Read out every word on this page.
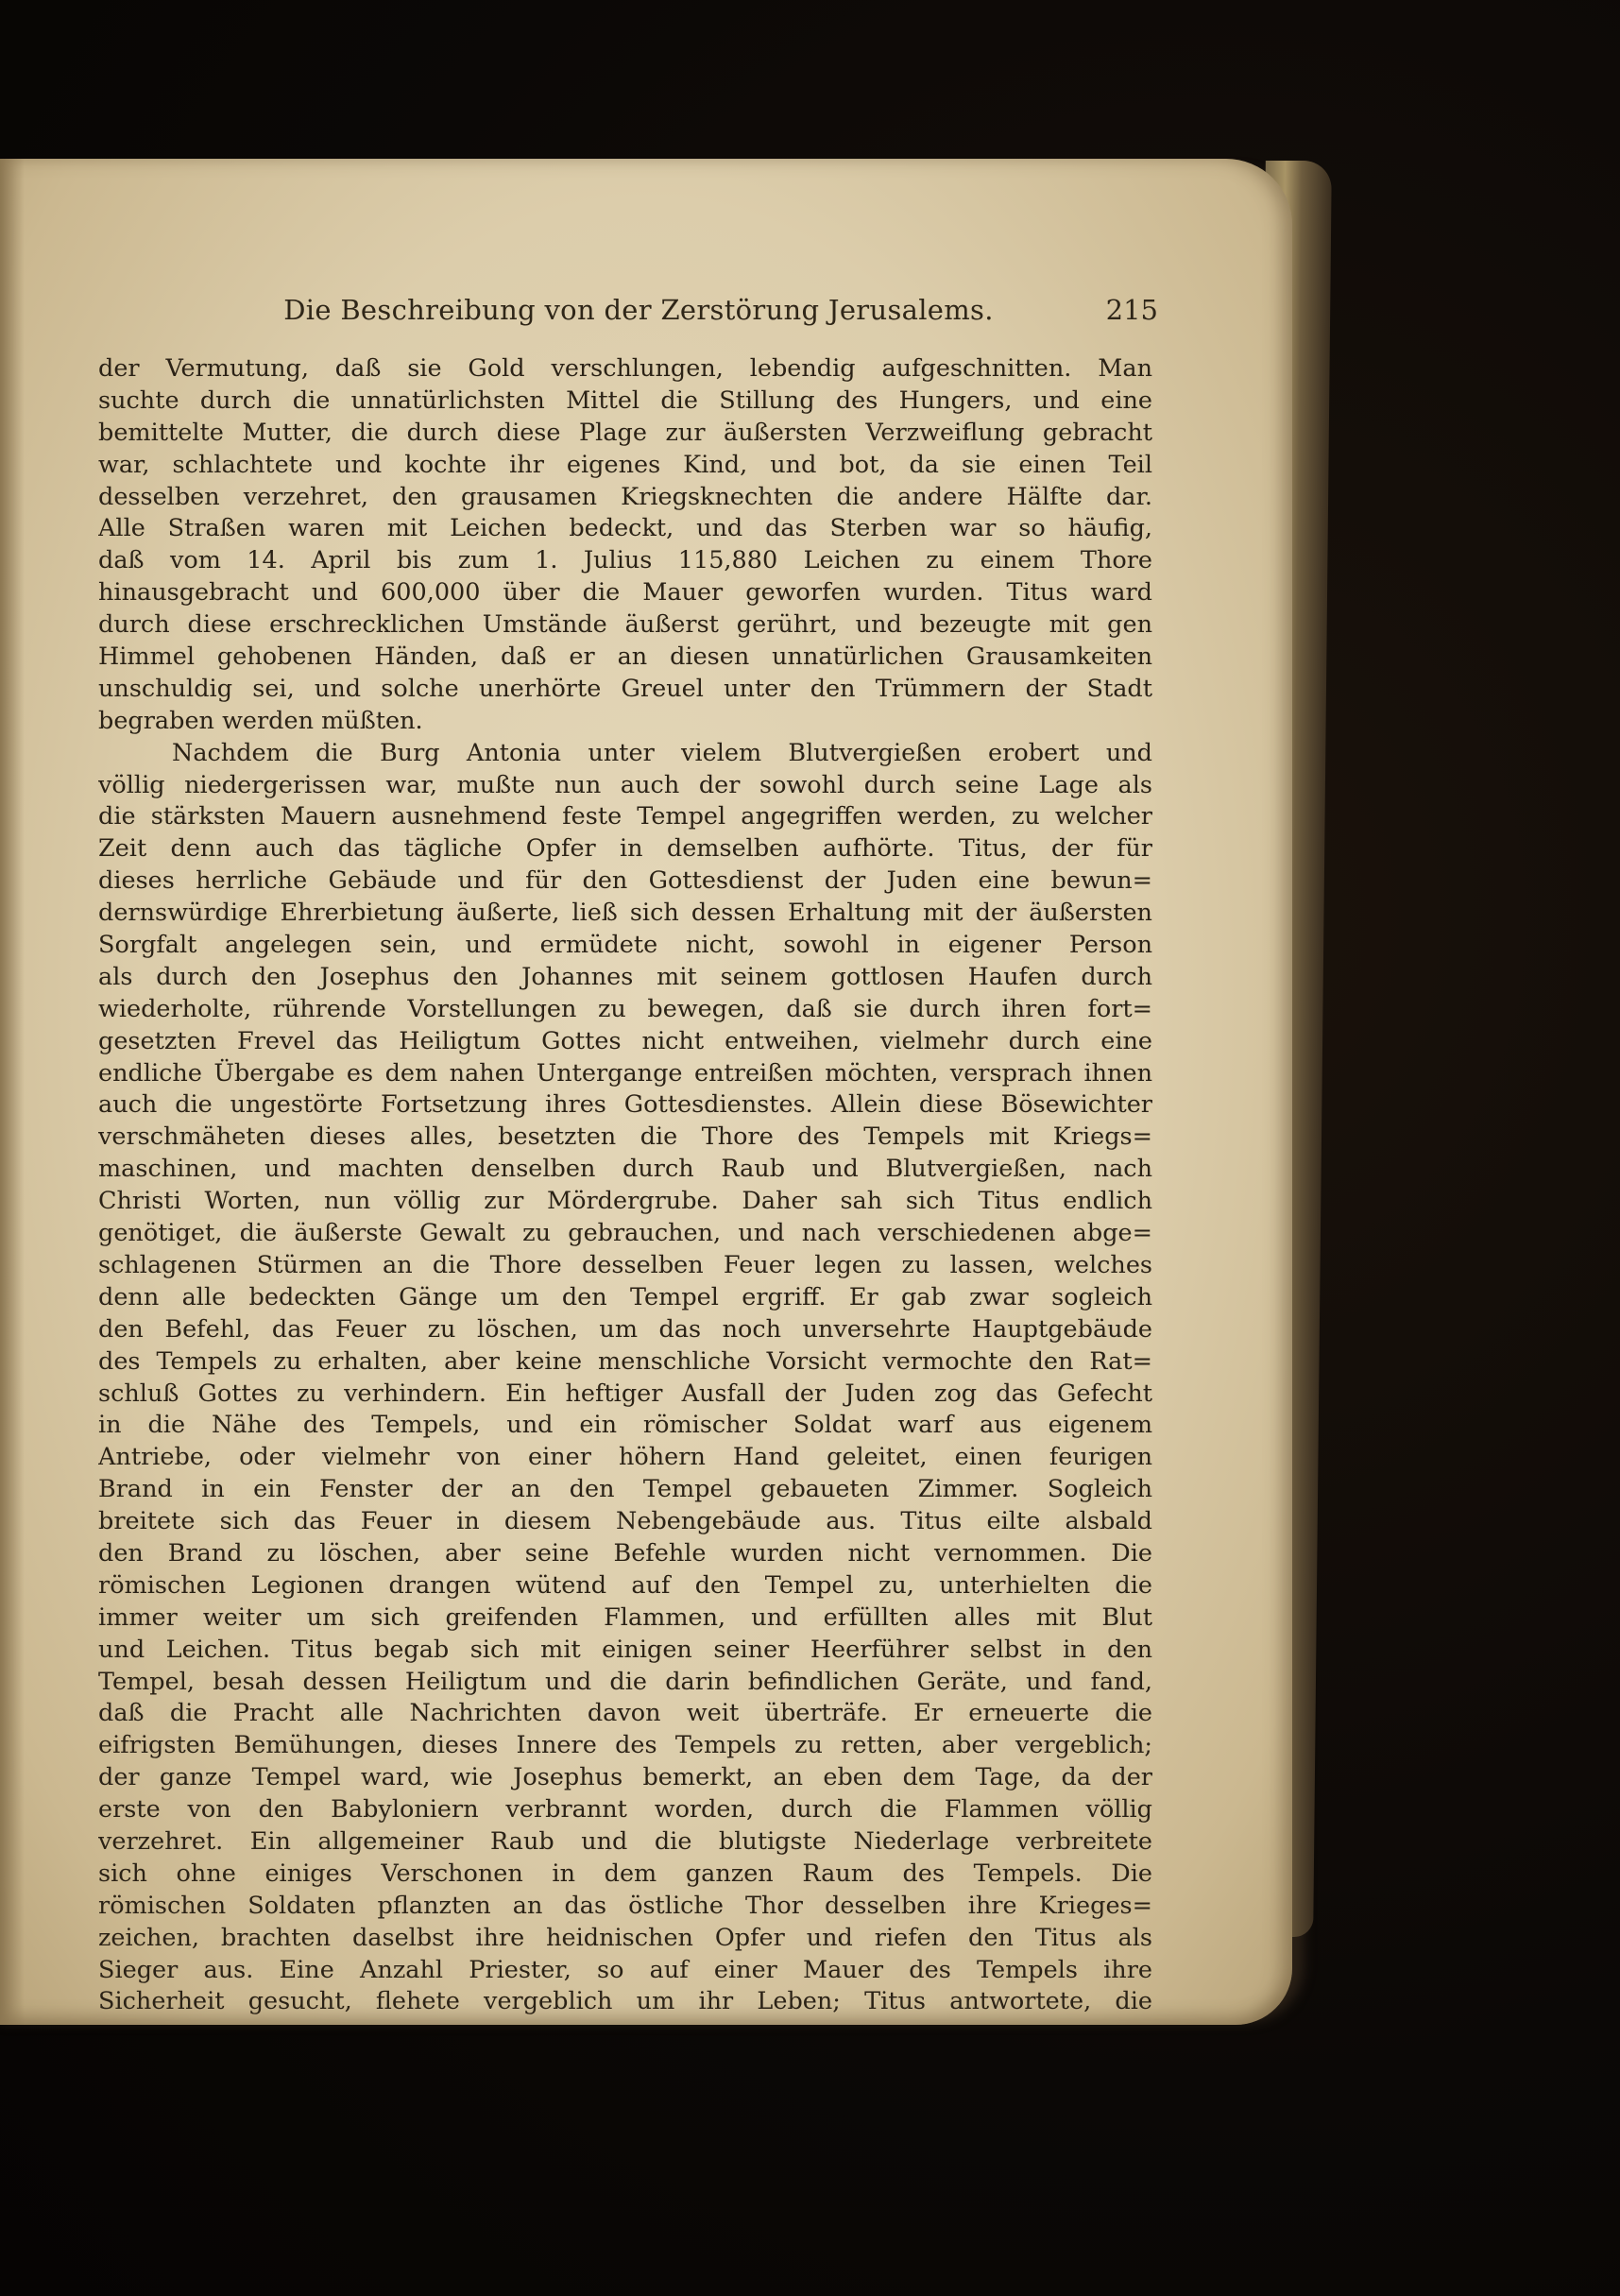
Die Beschreibung von der Zerstörung Jerusalems.	215
der Vermutung, daß sie Gold verschlungen, lebendig aufgeschnitten. Man
suchte durch die unnatürlichsten Mittel die Stillung des Hungers, und eine
bemittelte Mutter, die durch diese Plage zur äußersten Verzweiflung gebracht
war, schlachtete und kochte ihr eigenes Kind, und bot, da sie einen Teil
desselben verzehret, den grausamen Kriegsknechten die andere Hälfte dar.
Alle Straßen waren mit Leichen bedeckt, und das Sterben war so häufig,
daß vom 14. April bis zum 1. Julius 115,880 Leichen zu einem Thore
hinausgebracht und 600,000 über die Mauer geworfen wurden. Titus ward
durch diese erschrecklichen Umstände äußerst gerührt, und bezeugte mit gen
Himmel gehobenen Händen, daß er an diesen unnatürlichen Grausamkeiten
unschuldig sei, und solche unerhörte Greuel unter den Trümmern der Stadt
begraben werden müßten.
Nachdem die Burg Antonia unter vielem Blutvergießen erobert und
völlig niedergerissen war, mußte nun auch der sowohl durch seine Lage als
die stärksten Mauern ausnehmend feste Tempel angegriffen werden, zu welcher
Zeit denn auch das tägliche Opfer in demselben aufhörte. Titus, der für
dieses herrliche Gebäude und für den Gottesdienst der Juden eine bewun=
dernswürdige Ehrerbietung äußerte, ließ sich dessen Erhaltung mit der äußersten
Sorgfalt angelegen sein, und ermüdete nicht, sowohl in eigener Person
als durch den Josephus den Johannes mit seinem gottlosen Haufen durch
wiederholte, rührende Vorstellungen zu bewegen, daß sie durch ihren fort=
gesetzten Frevel das Heiligtum Gottes nicht entweihen, vielmehr durch eine
endliche Übergabe es dem nahen Untergange entreißen möchten, versprach ihnen
auch die ungestörte Fortsetzung ihres Gottesdienstes. Allein diese Bösewichter
verschmäheten dieses alles, besetzten die Thore des Tempels mit Kriegs=
maschinen, und machten denselben durch Raub und Blutvergießen, nach
Christi Worten, nun völlig zur Mördergrube. Daher sah sich Titus endlich
genötiget, die äußerste Gewalt zu gebrauchen, und nach verschiedenen abge=
schlagenen Stürmen an die Thore desselben Feuer legen zu lassen, welches
denn alle bedeckten Gänge um den Tempel ergriff. Er gab zwar sogleich
den Befehl, das Feuer zu löschen, um das noch unversehrte Hauptgebäude
des Tempels zu erhalten, aber keine menschliche Vorsicht vermochte den Rat=
schluß Gottes zu verhindern. Ein heftiger Ausfall der Juden zog das Gefecht
in die Nähe des Tempels, und ein römischer Soldat warf aus eigenem
Antriebe, oder vielmehr von einer höhern Hand geleitet, einen feurigen
Brand in ein Fenster der an den Tempel gebaueten Zimmer. Sogleich
breitete sich das Feuer in diesem Nebengebäude aus. Titus eilte alsbald
den Brand zu löschen, aber seine Befehle wurden nicht vernommen. Die
römischen Legionen drangen wütend auf den Tempel zu, unterhielten die
immer weiter um sich greifenden Flammen, und erfüllten alles mit Blut
und Leichen. Titus begab sich mit einigen seiner Heerführer selbst in den
Tempel, besah dessen Heiligtum und die darin befindlichen Geräte, und fand,
daß die Pracht alle Nachrichten davon weit überträfe. Er erneuerte die
eifrigsten Bemühungen, dieses Innere des Tempels zu retten, aber vergeblich;
der ganze Tempel ward, wie Josephus bemerkt, an eben dem Tage, da der
erste von den Babyloniern verbrannt worden, durch die Flammen völlig
verzehret. Ein allgemeiner Raub und die blutigste Niederlage verbreitete
sich ohne einiges Verschonen in dem ganzen Raum des Tempels. Die
römischen Soldaten pflanzten an das östliche Thor desselben ihre Krieges=
zeichen, brachten daselbst ihre heidnischen Opfer und riefen den Titus als
Sieger aus. Eine Anzahl Priester, so auf einer Mauer des Tempels ihre
Sicherheit gesucht, flehete vergeblich um ihr Leben; Titus antwortete, die
